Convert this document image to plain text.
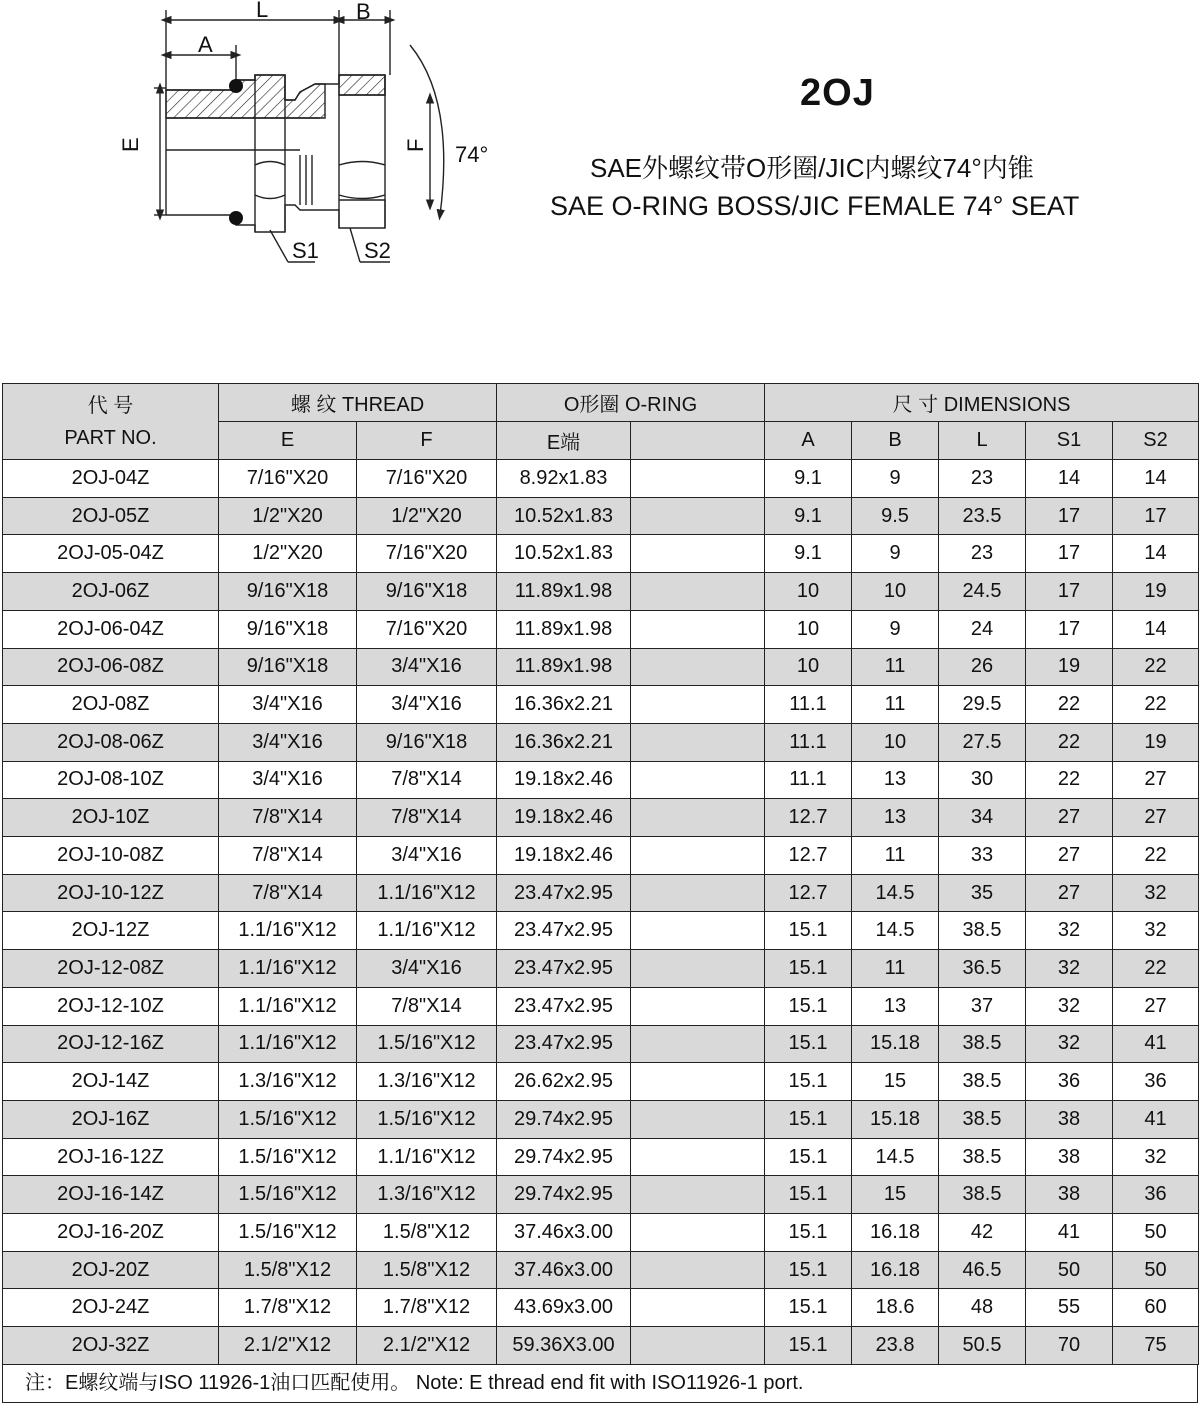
L	B
A
E	F 74°
S1 S2
2OJ
SAE外螺纹带O形圈/JIC内螺纹74°内锥
SAE O-RING BOSS/JIC FEMALE 74° SEAT
代 号
PART NO.	螺 纹 THREAD		O形圈 O-RING		尺 寸 DIMENSIONS				
	E	F	E端		A	B	L	S1	S2
2OJ-04Z	7/16"X20	7/16"X20	8.92x1.83		9.1	9	23	14	14
2OJ-05Z	1/2"X20	1/2"X20	10.52x1.83		9.1	9.5	23.5	17	17
2OJ-05-04Z	1/2"X20	7/16"X20	10.52x1.83		9.1	9	23	17	14
2OJ-06Z	9/16"X18	9/16"X18	11.89x1.98		10	10	24.5	17	19
2OJ-06-04Z	9/16"X18	7/16"X20	11.89x1.98		10	9	24	17	14
2OJ-06-08Z	9/16"X18	3/4"X16	11.89x1.98		10	11	26	19	22
2OJ-08Z	3/4"X16	3/4"X16	16.36x2.21		11.1	11	29.5	22	22
2OJ-08-06Z	3/4"X16	9/16"X18	16.36x2.21		11.1	10	27.5	22	19
2OJ-08-10Z	3/4"X16	7/8"X14	19.18x2.46		11.1	13	30	22	27
2OJ-10Z	7/8"X14	7/8"X14	19.18x2.46		12.7	13	34	27	27
2OJ-10-08Z	7/8"X14	3/4"X16	19.18x2.46		12.7	11	33	27	22
2OJ-10-12Z	7/8"X14	1.1/16"X12	23.47x2.95		12.7	14.5	35	27	32
2OJ-12Z	1.1/16"X12	1.1/16"X12	23.47x2.95		15.1	14.5	38.5	32	32
2OJ-12-08Z	1.1/16"X12	3/4"X16	23.47x2.95		15.1	11	36.5	32	22
2OJ-12-10Z	1.1/16"X12	7/8"X14	23.47x2.95		15.1	13	37	32	27
2OJ-12-16Z	1.1/16"X12	1.5/16"X12	23.47x2.95		15.1	15.18	38.5	32	41
2OJ-14Z	1.3/16"X12	1.3/16"X12	26.62x2.95		15.1	15	38.5	36	36
2OJ-16Z	1.5/16"X12	1.5/16"X12	29.74x2.95		15.1	15.18	38.5	38	41
2OJ-16-12Z	1.5/16"X12	1.1/16"X12	29.74x2.95		15.1	14.5	38.5	38	32
2OJ-16-14Z	1.5/16"X12	1.3/16"X12	29.74x2.95		15.1	15	38.5	38	36
2OJ-16-20Z	1.5/16"X12	1.5/8"X12	37.46x3.00		15.1	16.18	42	41	50
2OJ-20Z	1.5/8"X12	1.5/8"X12	37.46x3.00		15.1	16.18	46.5	50	50
2OJ-24Z	1.7/8"X12	1.7/8"X12	43.69x3.00		15.1	18.6	48	55	60
2OJ-32Z	2.1/2"X12	2.1/2"X12	59.36X3.00		15.1	23.8	50.5	70	75
注：E螺纹端与ISO 11926-1油口匹配使用。 Note: E thread end fit with ISO11926-1 port.
